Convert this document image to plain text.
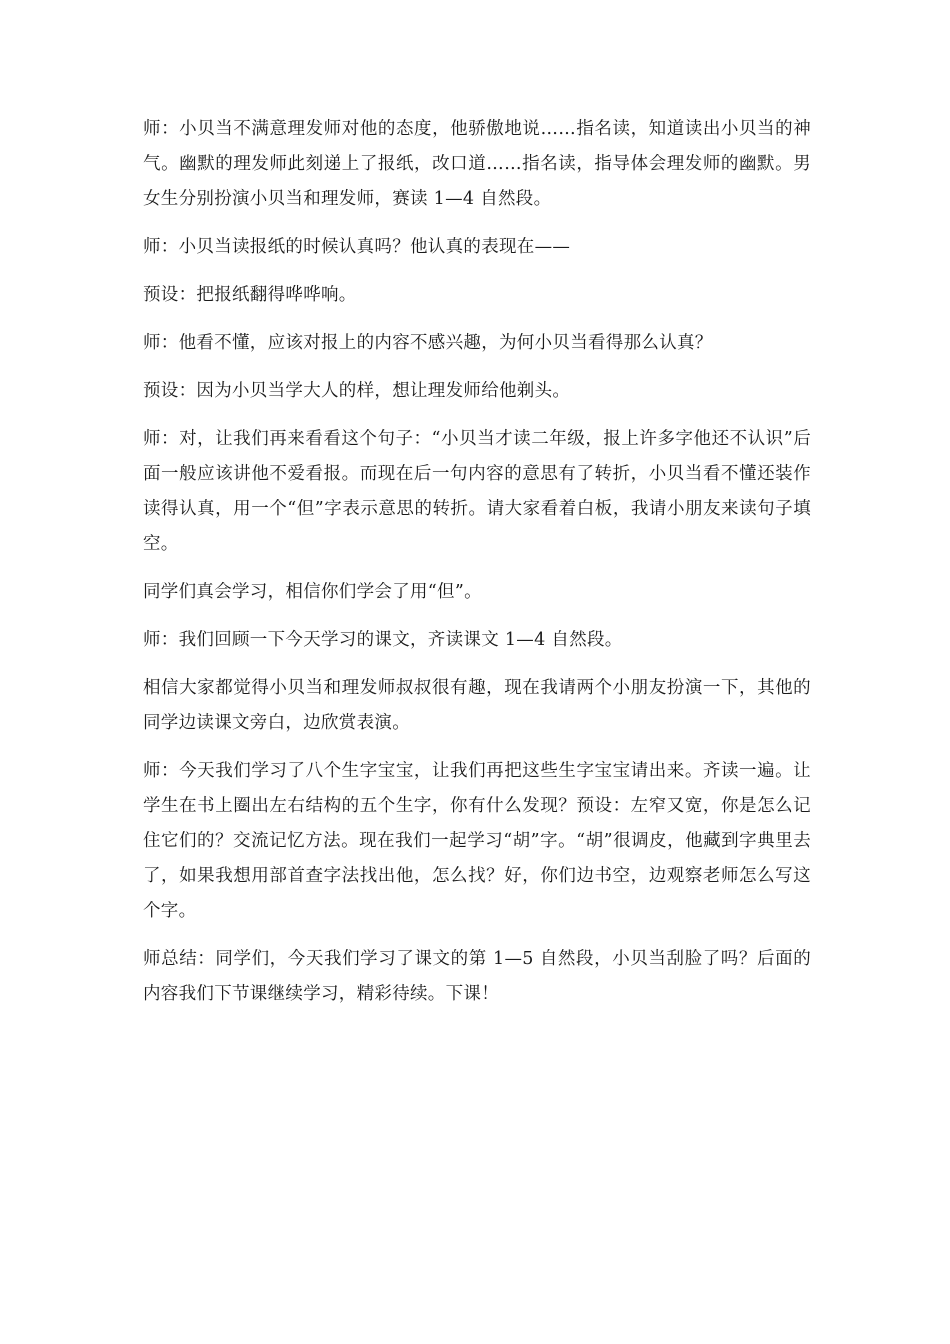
师：小贝当不满意理发师对他的态度，他骄傲地说……指名读，知道读出小贝当的神气。幽默的理发师此刻递上了报纸，改口道……指名读，指导体会理发师的幽默。男女生分别扮演小贝当和理发师，赛读 1—4 自然段。

师：小贝当读报纸的时候认真吗？他认真的表现在——

预设：把报纸翻得哗哗响。

师：他看不懂，应该对报上的内容不感兴趣，为何小贝当看得那么认真？

预设：因为小贝当学大人的样，想让理发师给他剃头。

师：对，让我们再来看看这个句子：“小贝当才读二年级，报上许多字他还不认识”后面一般应该讲他不爱看报。而现在后一句内容的意思有了转折，小贝当看不懂还装作读得认真，用一个“但”字表示意思的转折。请大家看着白板，我请小朋友来读句子填空。

同学们真会学习，相信你们学会了用“但”。

师：我们回顾一下今天学习的课文，齐读课文 1—4 自然段。

相信大家都觉得小贝当和理发师叔叔很有趣，现在我请两个小朋友扮演一下，其他的同学边读课文旁白，边欣赏表演。

师：今天我们学习了八个生字宝宝，让我们再把这些生字宝宝请出来。齐读一遍。让学生在书上圈出左右结构的五个生字，你有什么发现？预设：左窄又宽，你是怎么记住它们的？交流记忆方法。现在我们一起学习“胡”字。“胡”很调皮，他藏到字典里去了，如果我想用部首查字法找出他，怎么找？好，你们边书空，边观察老师怎么写这个字。

师总结：同学们，今天我们学习了课文的第 1—5 自然段，小贝当刮脸了吗？后面的内容我们下节课继续学习，精彩待续。下课！
